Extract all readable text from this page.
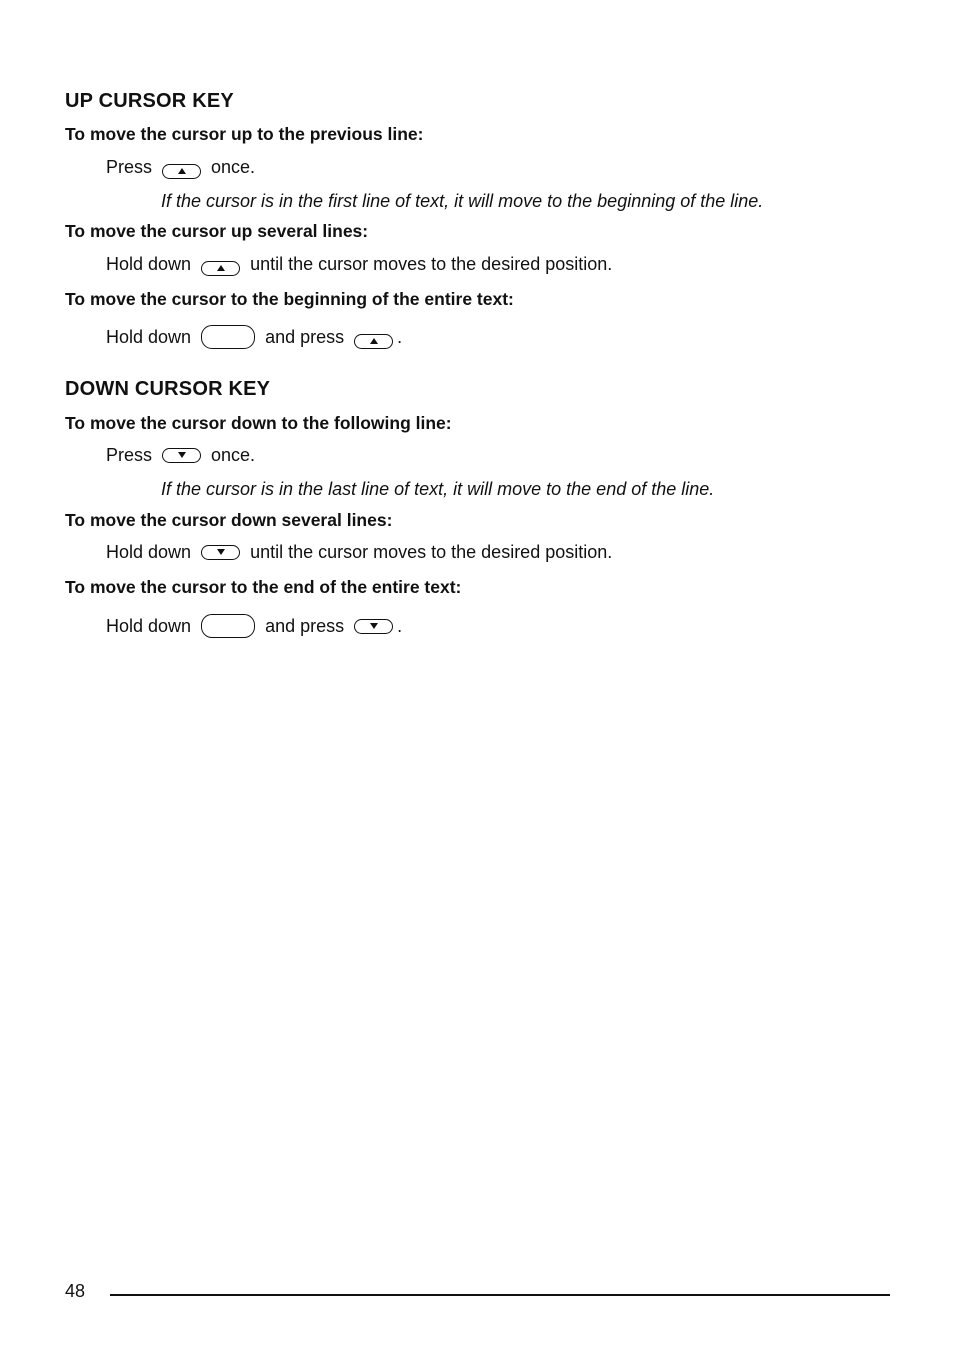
UP CURSOR KEY
To move the cursor up to the previous line:
Press	once.
If the cursor is in the first line of text, it will move to the beginning of the line.
To move the cursor up several lines:
Hold down	until the cursor moves to the desired position.
To move the cursor to the beginning of the entire text:
Hold down	and press	.
DOWN CURSOR KEY
To move the cursor down to the following line:
Press	once.
If the cursor is in the last line of text, it will move to the end of the line.
To move the cursor down several lines:
Hold down	until the cursor moves to the desired position.
To move the cursor to the end of the entire text:
Hold down	and press	.
48
